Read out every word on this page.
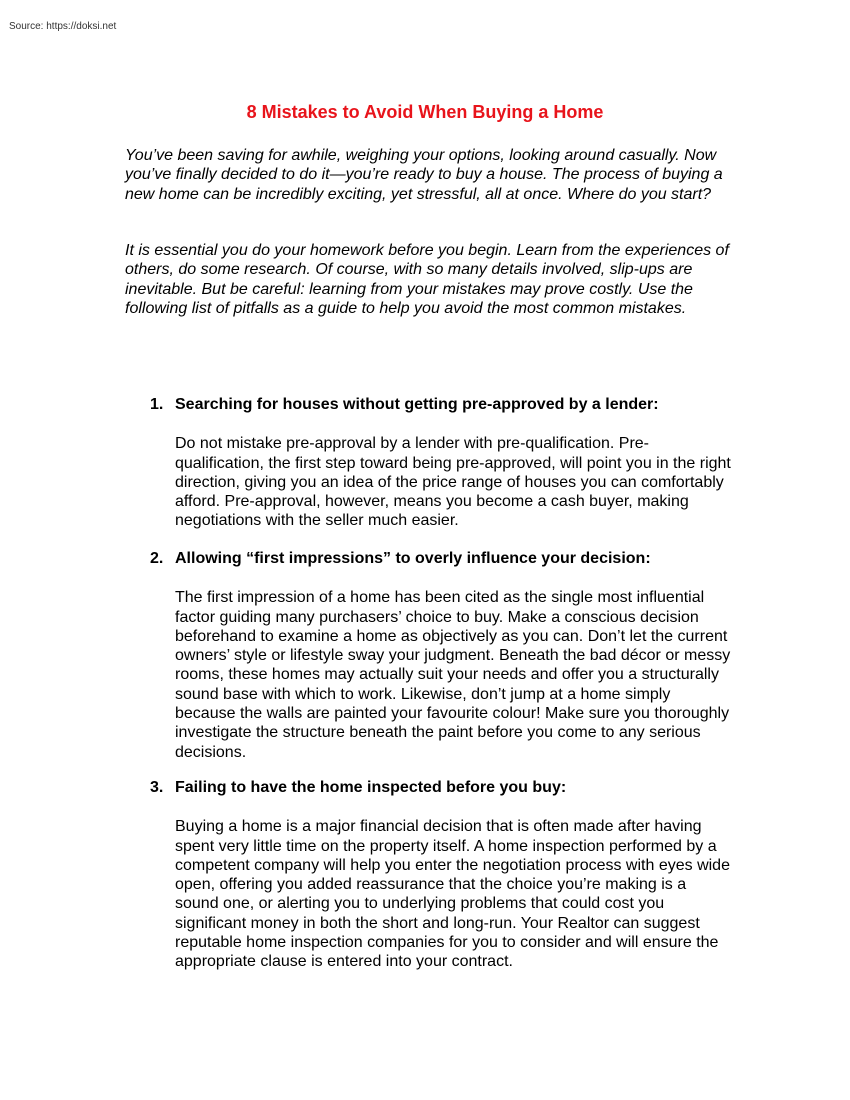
Source: https://doksi.net
8 Mistakes to Avoid When Buying a Home

You’ve been saving for awhile, weighing your options, looking around casually. Now you’ve finally decided to do it—you’re ready to buy a house. The process of buying a new home can be incredibly exciting, yet stressful, all at once. Where do you start?

It is essential you do your homework before you begin. Learn from the experiences of others, do some research. Of course, with so many details involved, slip-ups are inevitable. But be careful: learning from your mistakes may prove costly. Use the following list of pitfalls as a guide to help you avoid the most common mistakes.

1. Searching for houses without getting pre-approved by a lender:
Do not mistake pre-approval by a lender with pre-qualification. Pre-qualification, the first step toward being pre-approved, will point you in the right direction, giving you an idea of the price range of houses you can comfortably afford. Pre-approval, however, means you become a cash buyer, making negotiations with the seller much easier.
2. Allowing “first impressions” to overly influence your decision:
The first impression of a home has been cited as the single most influential factor guiding many purchasers’ choice to buy. Make a conscious decision beforehand to examine a home as objectively as you can. Don’t let the current owners’ style or lifestyle sway your judgment. Beneath the bad décor or messy rooms, these homes may actually suit your needs and offer you a structurally sound base with which to work. Likewise, don’t jump at a home simply because the walls are painted your favourite colour! Make sure you thoroughly investigate the structure beneath the paint before you come to any serious decisions.
3. Failing to have the home inspected before you buy:
Buying a home is a major financial decision that is often made after having spent very little time on the property itself. A home inspection performed by a competent company will help you enter the negotiation process with eyes wide open, offering you added reassurance that the choice you’re making is a sound one, or alerting you to underlying problems that could cost you significant money in both the short and long-run. Your Realtor can suggest reputable home inspection companies for you to consider and will ensure the appropriate clause is entered into your contract.
